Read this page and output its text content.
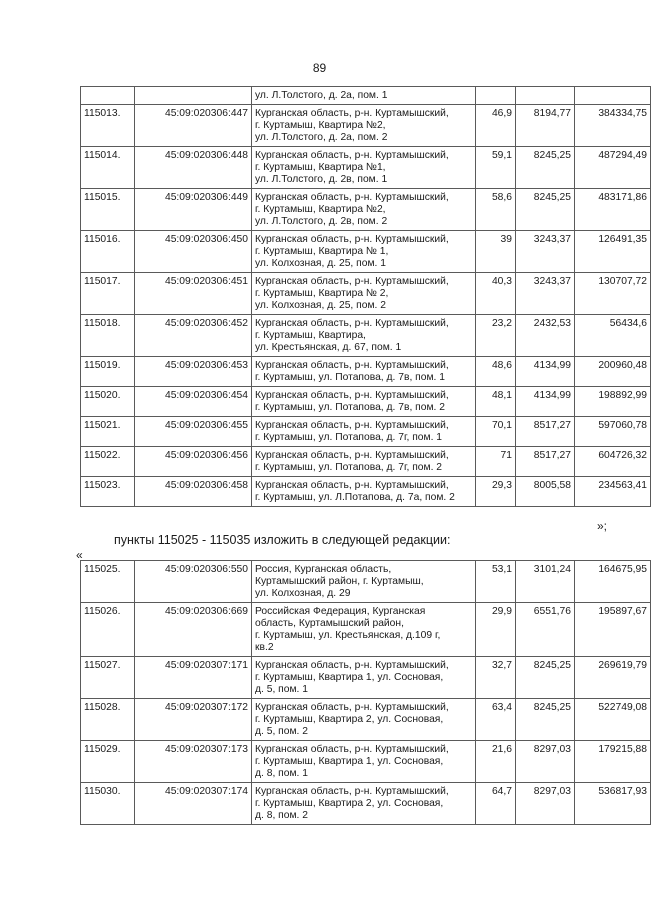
89
		ул. Л.Толстого, д. 2а, пом. 1			
115013.	45:09:020306:447	Курганская область, р-н. Куртамышский,
г. Куртамыш, Квартира №2,
ул. Л.Толстого, д. 2а, пом. 2	46,9	8194,77	384334,75
115014.	45:09:020306:448	Курганская область, р-н. Куртамышский,
г. Куртамыш, Квартира №1,
ул. Л.Толстого, д. 2в, пом. 1	59,1	8245,25	487294,49
115015.	45:09:020306:449	Курганская область, р-н. Куртамышский,
г. Куртамыш, Квартира №2,
ул. Л.Толстого, д. 2в, пом. 2	58,6	8245,25	483171,86
115016.	45:09:020306:450	Курганская область, р-н. Куртамышский,
г. Куртамыш, Квартира № 1,
ул. Колхозная, д. 25, пом. 1	39	3243,37	126491,35
115017.	45:09:020306:451	Курганская область, р-н. Куртамышский,
г. Куртамыш, Квартира № 2,
ул. Колхозная, д. 25, пом. 2	40,3	3243,37	130707,72
115018.	45:09:020306:452	Курганская область, р-н. Куртамышский,
г. Куртамыш, Квартира,
ул. Крестьянская, д. 67, пом. 1	23,2	2432,53	56434,6
115019.	45:09:020306:453	Курганская область, р-н. Куртамышский,
г. Куртамыш, ул. Потапова, д. 7в, пом. 1	48,6	4134,99	200960,48
115020.	45:09:020306:454	Курганская область, р-н. Куртамышский,
г. Куртамыш, ул. Потапова, д. 7в, пом. 2	48,1	4134,99	198892,99
115021.	45:09:020306:455	Курганская область, р-н. Куртамышский,
г. Куртамыш, ул. Потапова, д. 7г, пом. 1	70,1	8517,27	597060,78
115022.	45:09:020306:456	Курганская область, р-н. Куртамышский,
г. Куртамыш, ул. Потапова, д. 7г, пом. 2	71	8517,27	604726,32
115023.	45:09:020306:458	Курганская область, р-н. Куртамышский,
г. Куртамыш, ул. Л.Потапова, д. 7а, пом. 2	29,3	8005,58	234563,41
»;
пункты 115025 - 115035 изложить в следующей редакции:
«
115025.	45:09:020306:550	Россия, Курганская область,
Куртамышский район, г. Куртамыш,
ул. Колхозная, д. 29	53,1	3101,24	164675,95
115026.	45:09:020306:669	Российская Федерация, Курганская
область, Куртамышский район,
г. Куртамыш, ул. Крестьянская, д.109 г,
кв.2	29,9	6551,76	195897,67
115027.	45:09:020307:171	Курганская область, р-н. Куртамышский,
г. Куртамыш, Квартира 1, ул. Сосновая,
д. 5, пом. 1	32,7	8245,25	269619,79
115028.	45:09:020307:172	Курганская область, р-н. Куртамышский,
г. Куртамыш, Квартира 2, ул. Сосновая,
д. 5, пом. 2	63,4	8245,25	522749,08
115029.	45:09:020307:173	Курганская область, р-н. Куртамышский,
г. Куртамыш, Квартира 1, ул. Сосновая,
д. 8, пом. 1	21,6	8297,03	179215,88
115030.	45:09:020307:174	Курганская область, р-н. Куртамышский,
г. Куртамыш, Квартира 2, ул. Сосновая,
д. 8, пом. 2	64,7	8297,03	536817,93
